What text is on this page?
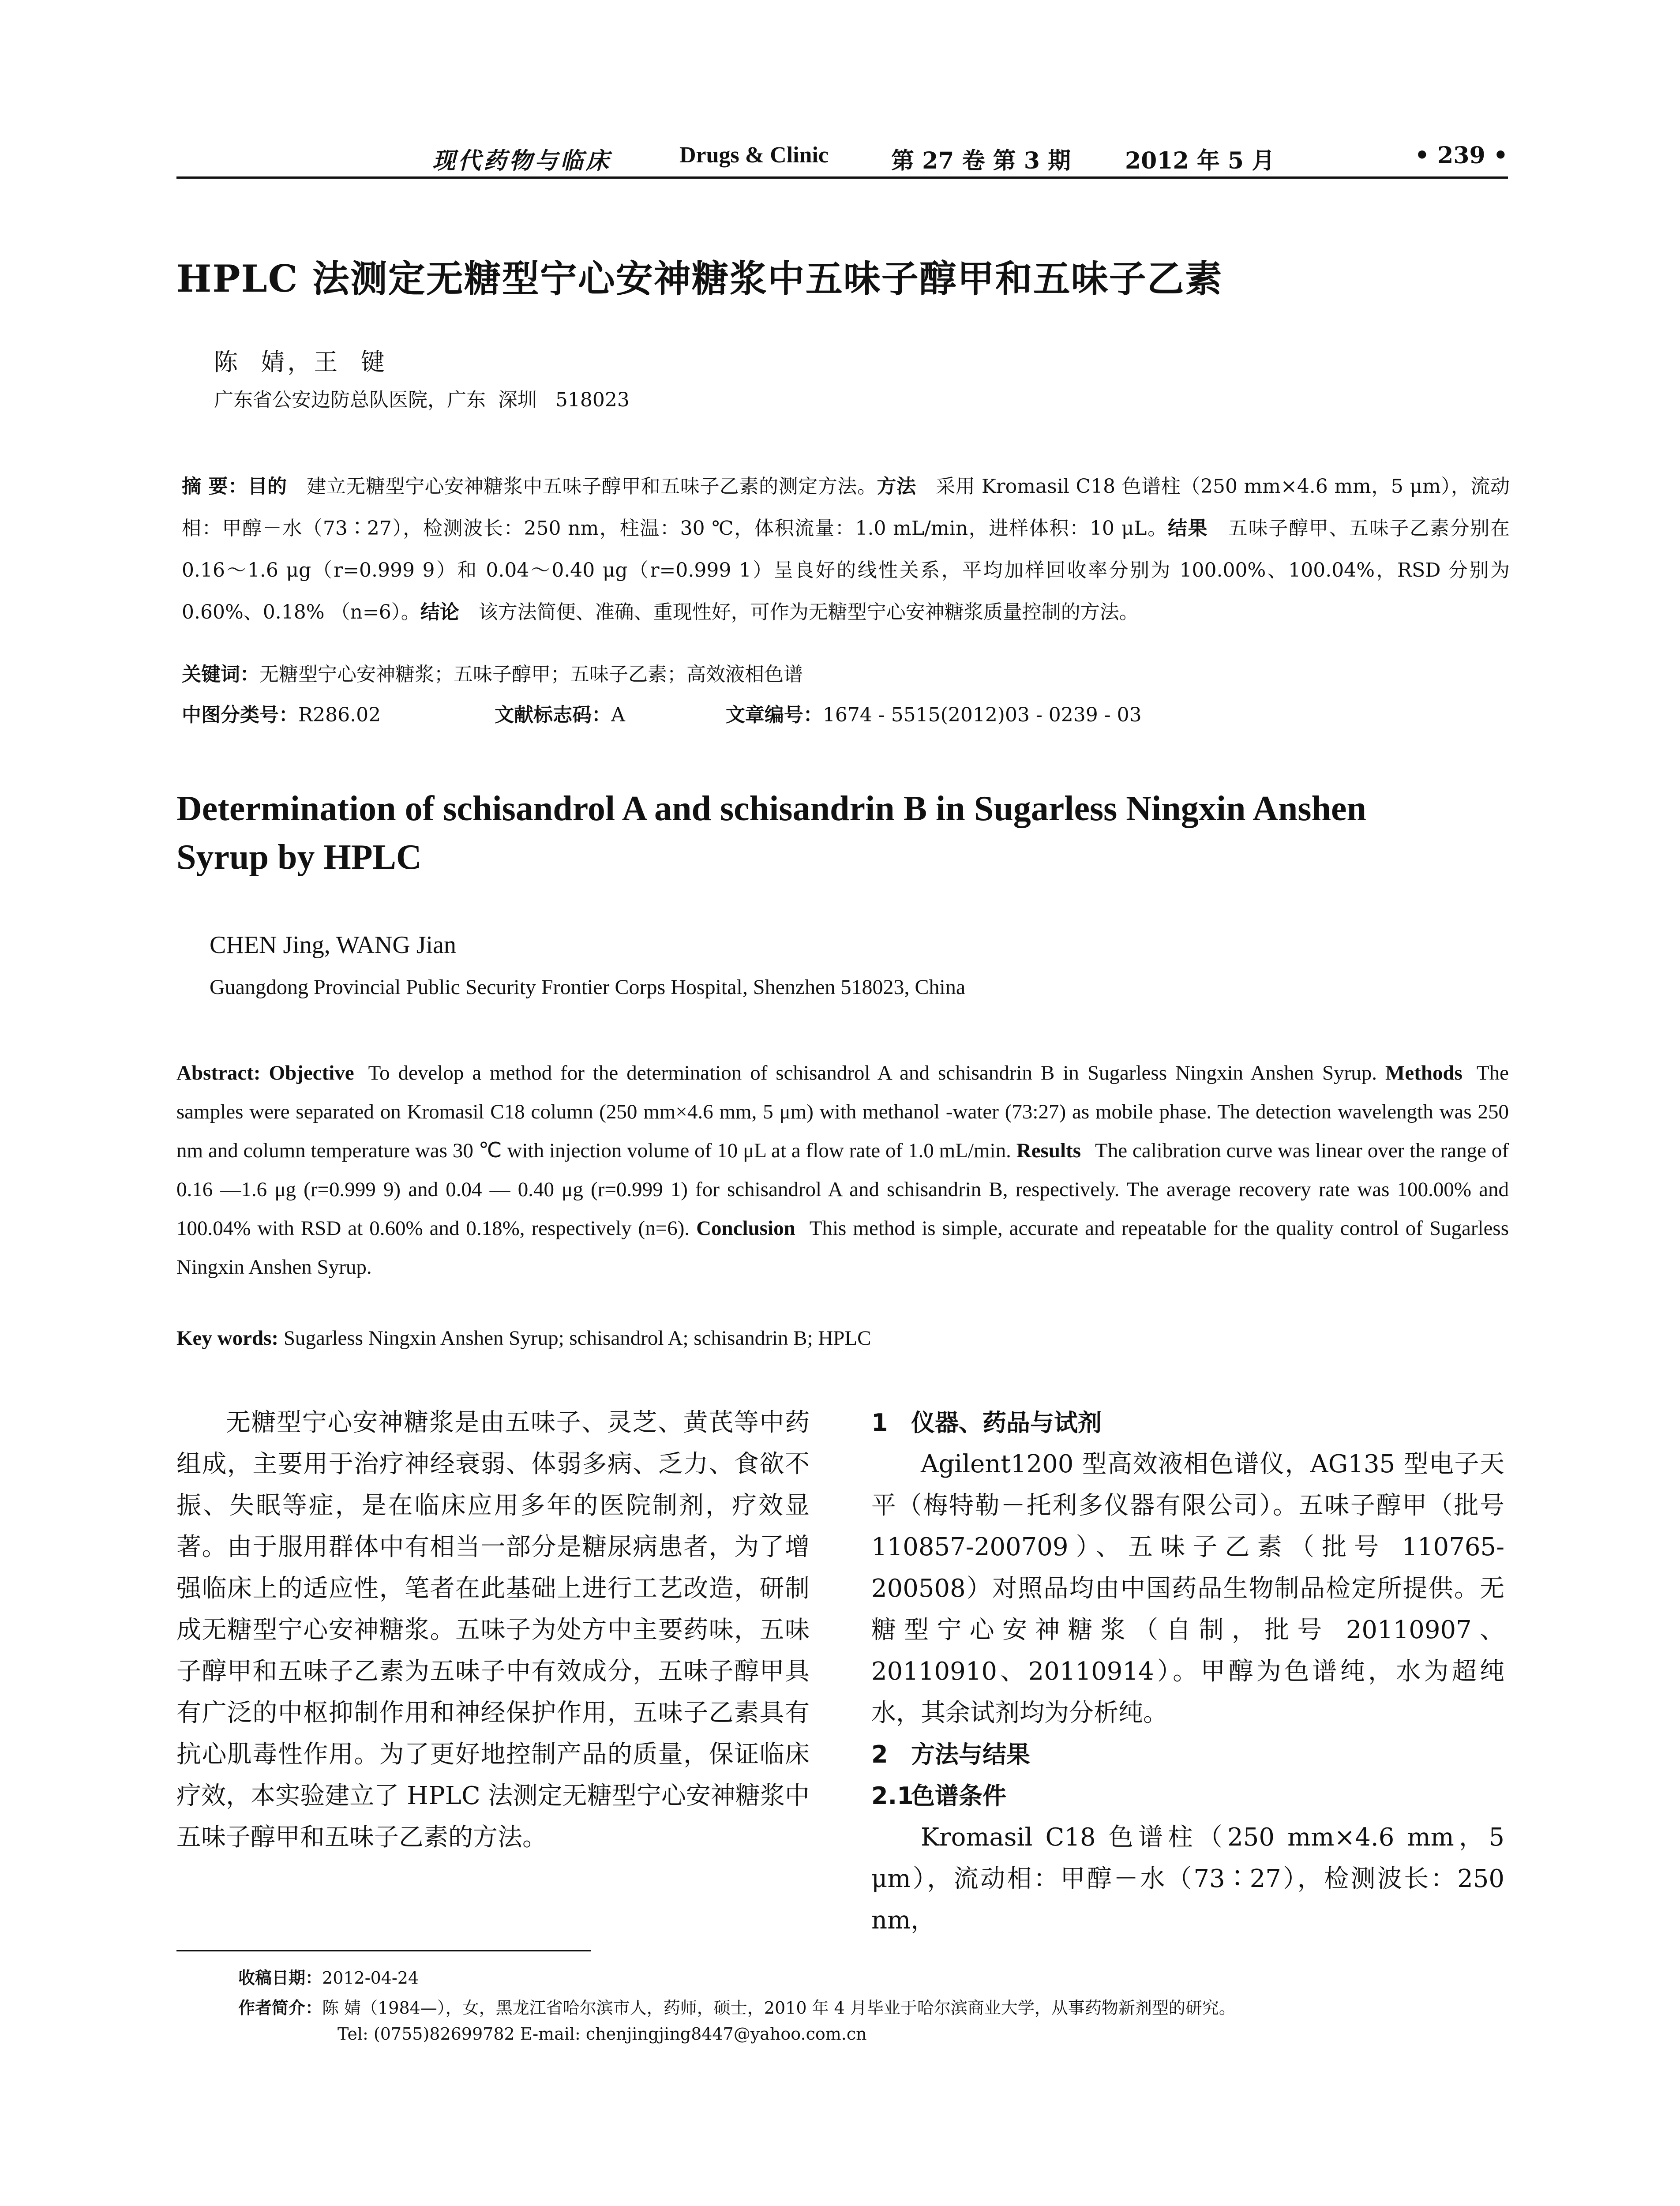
现代药物与临床	Drugs & Clinic	第 27 卷 第 3 期 2012 年 5 月	• 239 •
HPLC 法测定无糖型宁心安神糖浆中五味子醇甲和五味子乙素
陈  婧，王  键
广东省公安边防总队医院，广东  深圳   518023
摘 要：目的 建立无糖型宁心安神糖浆中五味子醇甲和五味子乙素的测定方法。方法 采用 Kromasil C18 色谱柱（250 mm×4.6 mm，5 μm），流动相：甲醇－水（73∶27），检测波长：250 nm，柱温：30 ℃，体积流量：1.0 mL/min，进样体积：10 μL。结果 五味子醇甲、五味子乙素分别在 0.16～1.6 μg（r=0.999 9）和 0.04～0.40 μg（r=0.999 1）呈良好的线性关系，平均加样回收率分别为 100.00%、100.04%，RSD 分别为 0.60%、0.18% （n=6）。结论 该方法简便、准确、重现性好，可作为无糖型宁心安神糖浆质量控制的方法。
关键词：无糖型宁心安神糖浆；五味子醇甲；五味子乙素；高效液相色谱
中图分类号：R286.02	文献标志码：A	文章编号：1674 - 5515(2012)03 - 0239 - 03
Determination of schisandrol A and schisandrin B in Sugarless Ningxin Anshen
Syrup by HPLC
CHEN Jing, WANG Jian
Guangdong Provincial Public Security Frontier Corps Hospital, Shenzhen 518023, China
Abstract: Objective To develop a method for the determination of schisandrol A and schisandrin B in Sugarless Ningxin Anshen Syrup. Methods The samples were separated on Kromasil C18 column (250 mm×4.6 mm, 5 μm) with methanol -water (73:27) as mobile phase. The detection wavelength was 250 nm and column temperature was 30 ℃ with injection volume of 10 μL at a flow rate of 1.0 mL/min. Results The calibration curve was linear over the range of 0.16 —1.6 μg (r=0.999 9) and 0.04 — 0.40 μg (r=0.999 1) for schisandrol A and schisandrin B, respectively. The average recovery rate was 100.00% and 100.04% with RSD at 0.60% and 0.18%, respectively (n=6). Conclusion This method is simple, accurate and repeatable for the quality control of Sugarless Ningxin Anshen Syrup.
Key words: Sugarless Ningxin Anshen Syrup; schisandrol A; schisandrin B; HPLC

无糖型宁心安神糖浆是由五味子、灵芝、黄芪等中药组成，主要用于治疗神经衰弱、体弱多病、乏力、食欲不振、失眠等症，是在临床应用多年的医院制剂，疗效显著。由于服用群体中有相当一部分是糖尿病患者，为了增强临床上的适应性，笔者在此基础上进行工艺改造，研制成无糖型宁心安神糖浆。五味子为处方中主要药味，五味子醇甲和五味子乙素为五味子中有效成分，五味子醇甲具有广泛的中枢抑制作用和神经保护作用，五味子乙素具有抗心肌毒性作用。为了更好地控制产品的质量，保证临床疗效，本实验建立了 HPLC 法测定无糖型宁心安神糖浆中五味子醇甲和五味子乙素的方法。

1 仪器、药品与试剂

Agilent1200 型高效液相色谱仪，AG135 型电子天平（梅特勒－托利多仪器有限公司）。五味子醇甲（批号 110857-200709）、五味子乙素（批号 110765-200508）对照品均由中国药品生物制品检定所提供。无糖型宁心安神糖浆（自制，批号 20110907、20110910、20110914）。甲醇为色谱纯，水为超纯水，其余试剂均为分析纯。

2 方法与结果

2.1色谱条件

Kromasil C18 色谱柱（250 mm×4.6 mm，5 μm），流动相：甲醇－水（73∶27），检测波长：250 nm，

收稿日期：2012-04-24
作者简介：陈 婧（1984—），女，黑龙江省哈尔滨市人，药师，硕士，2010 年 4 月毕业于哈尔滨商业大学，从事药物新剂型的研究。
Tel: (0755)82699782 E-mail: chenjingjing8447@yahoo.com.cn
